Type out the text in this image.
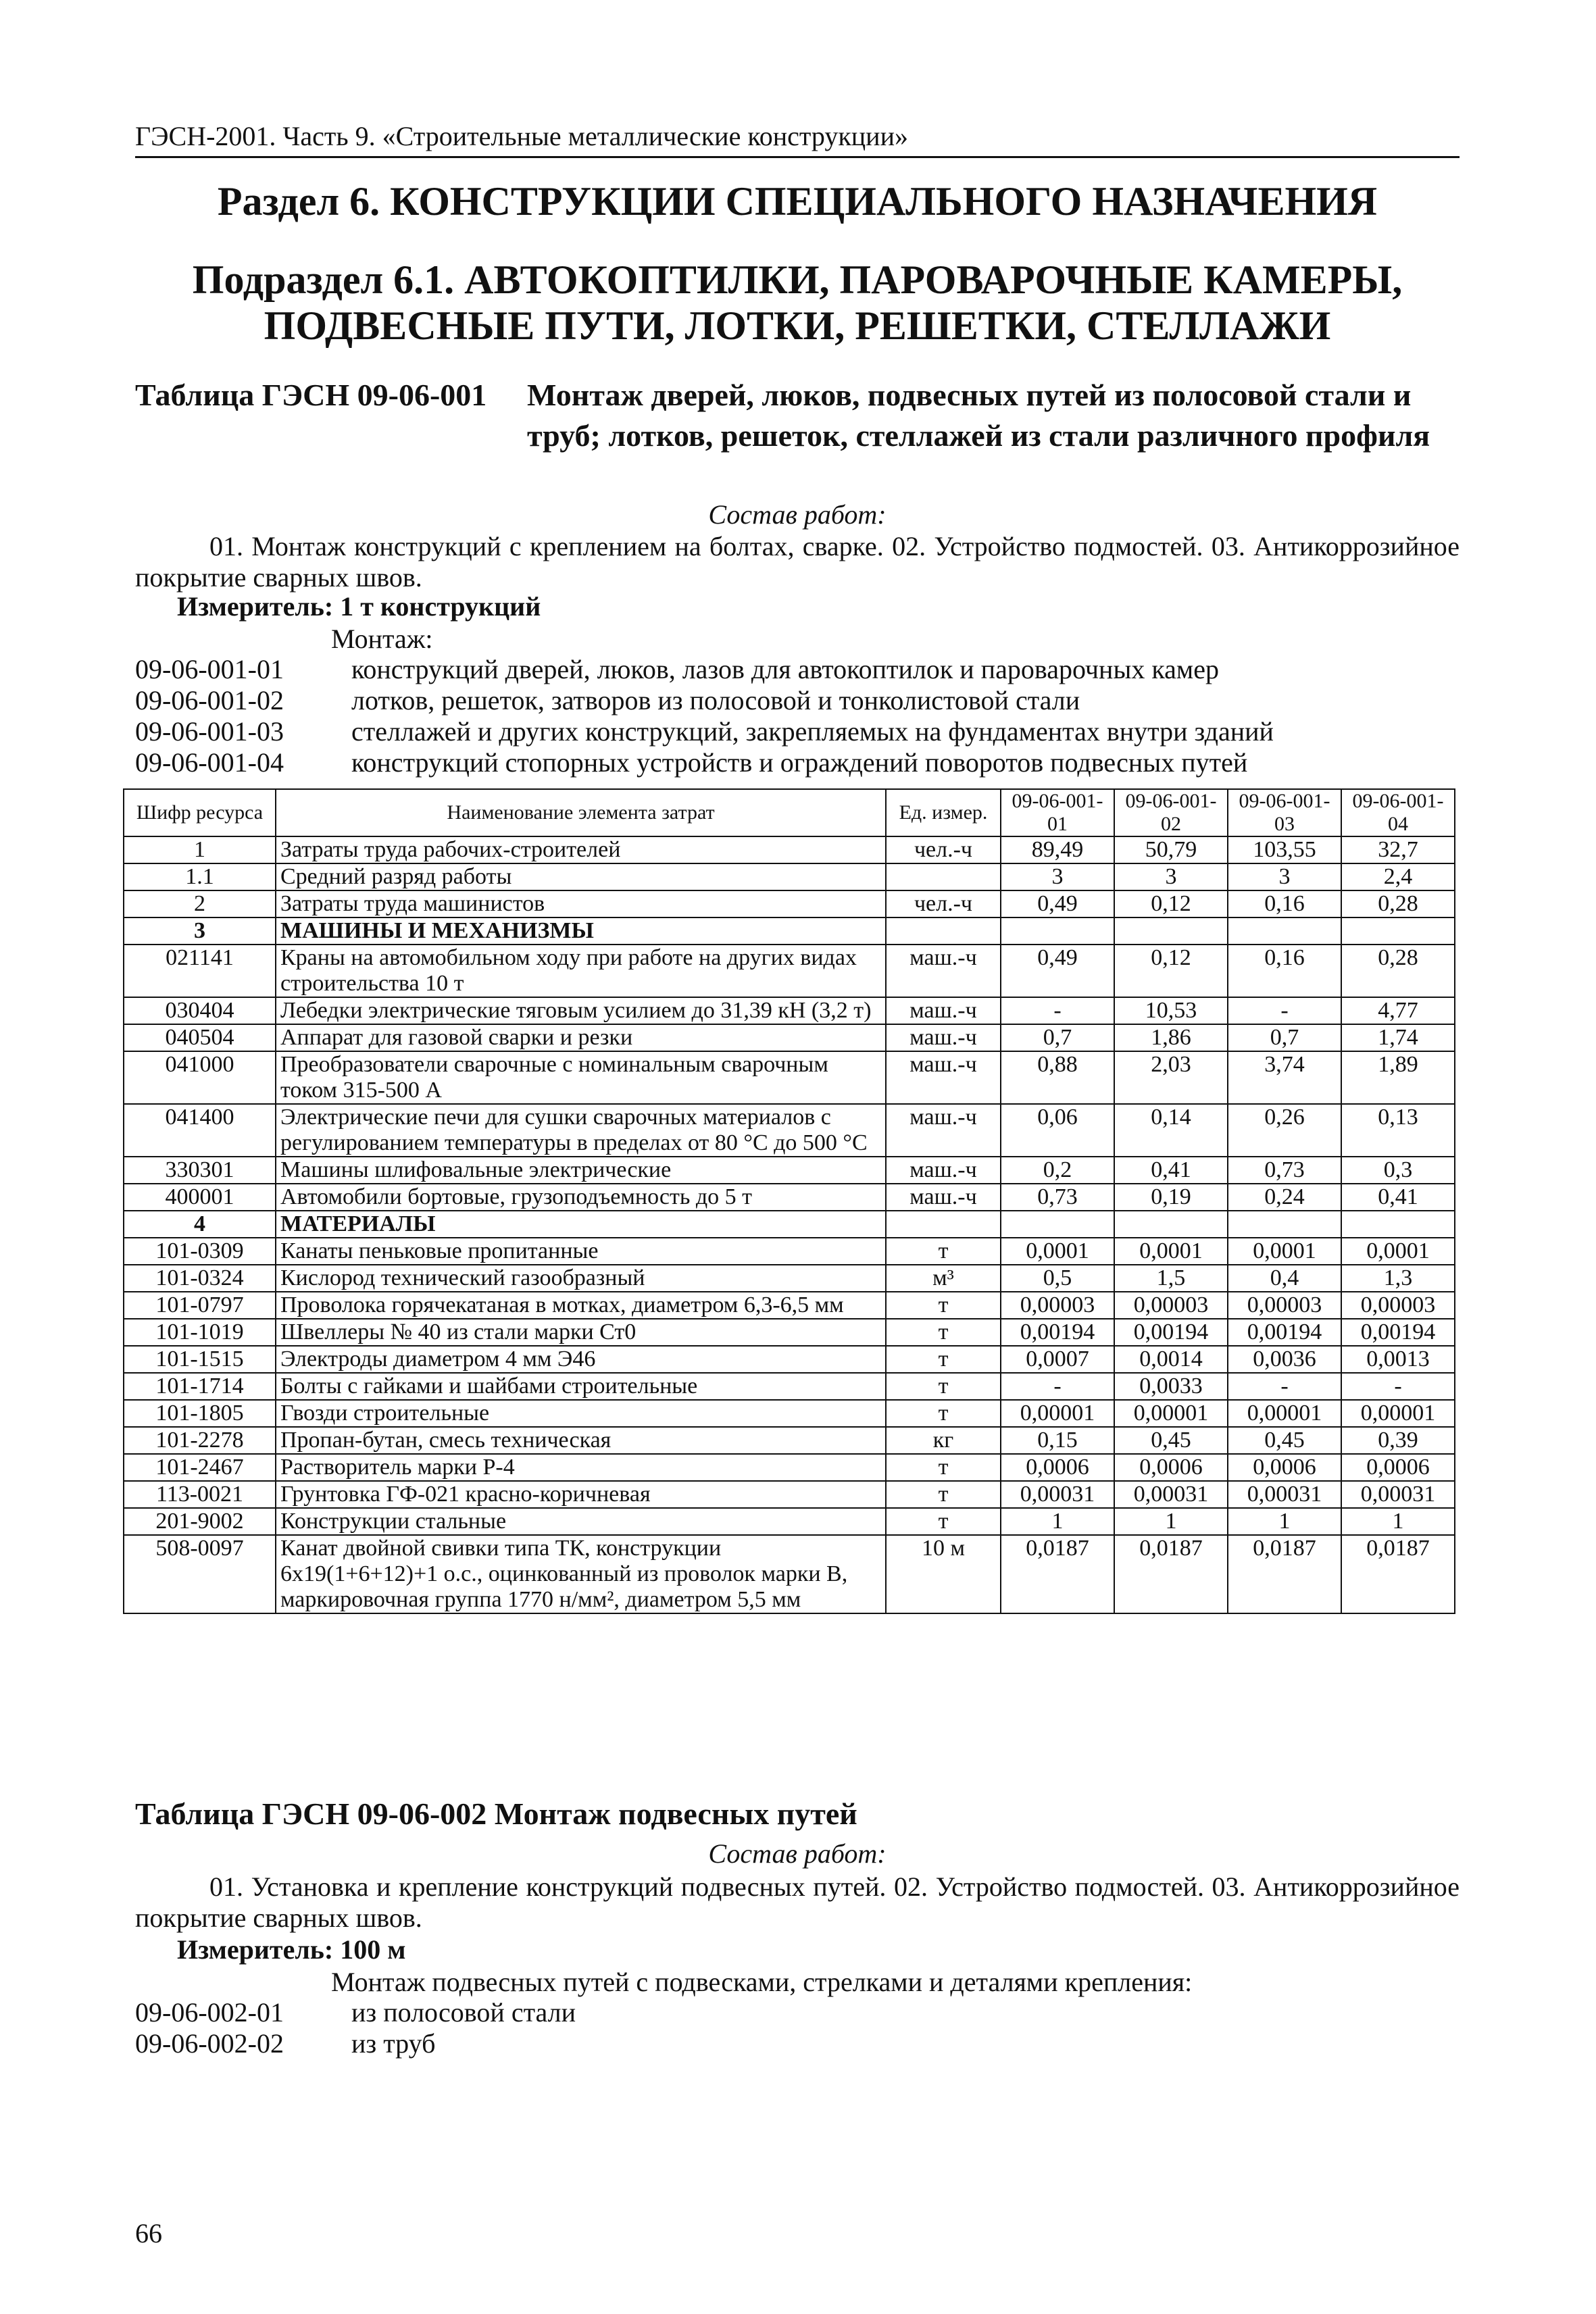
ГЭСН-2001. Часть 9. «Строительные металлические конструкции»
Раздел 6. КОНСТРУКЦИИ СПЕЦИАЛЬНОГО НАЗНАЧЕНИЯ
Подраздел 6.1. АВТОКОПТИЛКИ, ПАРОВАРОЧНЫЕ КАМЕРЫ,
ПОДВЕСНЫЕ ПУТИ, ЛОТКИ, РЕШЕТКИ, СТЕЛЛАЖИ
Таблица ГЭСН 09-06-001	Монтаж дверей, люков, подвесных путей из полосовой стали и труб; лотков, решеток, стеллажей из стали различного профиля
Состав работ:
01. Монтаж конструкций с креплением на болтах, сварке. 02. Устройство подмостей. 03. Антикоррозийное покрытие сварных швов.
Измеритель: 1 т конструкций
Монтаж:
09-06-001-01	конструкций дверей, люков, лазов для автокоптилок и пароварочных камер
09-06-001-02	лотков, решеток, затворов из полосовой и тонколистовой стали
09-06-001-03	стеллажей и других конструкций, закрепляемых на фундаментах внутри зданий
09-06-001-04	конструкций стопорных устройств и ограждений поворотов подвесных путей
Шифр ресурса	Наименование элемента затрат	Ед. измер.	09-06-001-01	09-06-001-02	09-06-001-03	09-06-001-04
1	Затраты труда рабочих-строителей	чел.-ч	89,49	50,79	103,55	32,7
1.1	Средний разряд работы		3	3	3	2,4
2	Затраты труда машинистов	чел.-ч	0,49	0,12	0,16	0,28
3	МАШИНЫ И МЕХАНИЗМЫ					
021141	Краны на автомобильном ходу при работе на других видах строительства 10 т	маш.-ч	0,49	0,12	0,16	0,28
030404	Лебедки электрические тяговым усилием до 31,39 кН (3,2 т)	маш.-ч	-	10,53	-	4,77
040504	Аппарат для газовой сварки и резки	маш.-ч	0,7	1,86	0,7	1,74
041000	Преобразователи сварочные с номинальным сварочным током 315-500 А	маш.-ч	0,88	2,03	3,74	1,89
041400	Электрические печи для сушки сварочных материалов с регулированием температуры в пределах от 80 °С до 500 °С	маш.-ч	0,06	0,14	0,26	0,13
330301	Машины шлифовальные электрические	маш.-ч	0,2	0,41	0,73	0,3
400001	Автомобили бортовые, грузоподъемность до 5 т	маш.-ч	0,73	0,19	0,24	0,41
4	МАТЕРИАЛЫ					
101-0309	Канаты пеньковые пропитанные	т	0,0001	0,0001	0,0001	0,0001
101-0324	Кислород технический газообразный	м³	0,5	1,5	0,4	1,3
101-0797	Проволока горячекатаная в мотках, диаметром 6,3-6,5 мм	т	0,00003	0,00003	0,00003	0,00003
101-1019	Швеллеры № 40 из стали марки Ст0	т	0,00194	0,00194	0,00194	0,00194
101-1515	Электроды диаметром 4 мм Э46	т	0,0007	0,0014	0,0036	0,0013
101-1714	Болты с гайками и шайбами строительные	т	-	0,0033	-	-
101-1805	Гвозди строительные	т	0,00001	0,00001	0,00001	0,00001
101-2278	Пропан-бутан, смесь техническая	кг	0,15	0,45	0,45	0,39
101-2467	Растворитель марки Р-4	т	0,0006	0,0006	0,0006	0,0006
113-0021	Грунтовка ГФ-021 красно-коричневая	т	0,00031	0,00031	0,00031	0,00031
201-9002	Конструкции стальные	т	1	1	1	1
508-0097	Канат двойной свивки типа ТК, конструкции 6х19(1+6+12)+1 о.с., оцинкованный из проволок марки В, маркировочная группа 1770 н/мм², диаметром 5,5 мм	10 м	0,0187	0,0187	0,0187	0,0187
Таблица ГЭСН 09-06-002 Монтаж подвесных путей
Состав работ:
01. Установка и крепление конструкций подвесных путей. 02. Устройство подмостей. 03. Антикоррозийное покрытие сварных швов.
Измеритель: 100 м
Монтаж подвесных путей с подвесками, стрелками и деталями крепления:
09-06-002-01	из полосовой стали
09-06-002-02	из труб
66
